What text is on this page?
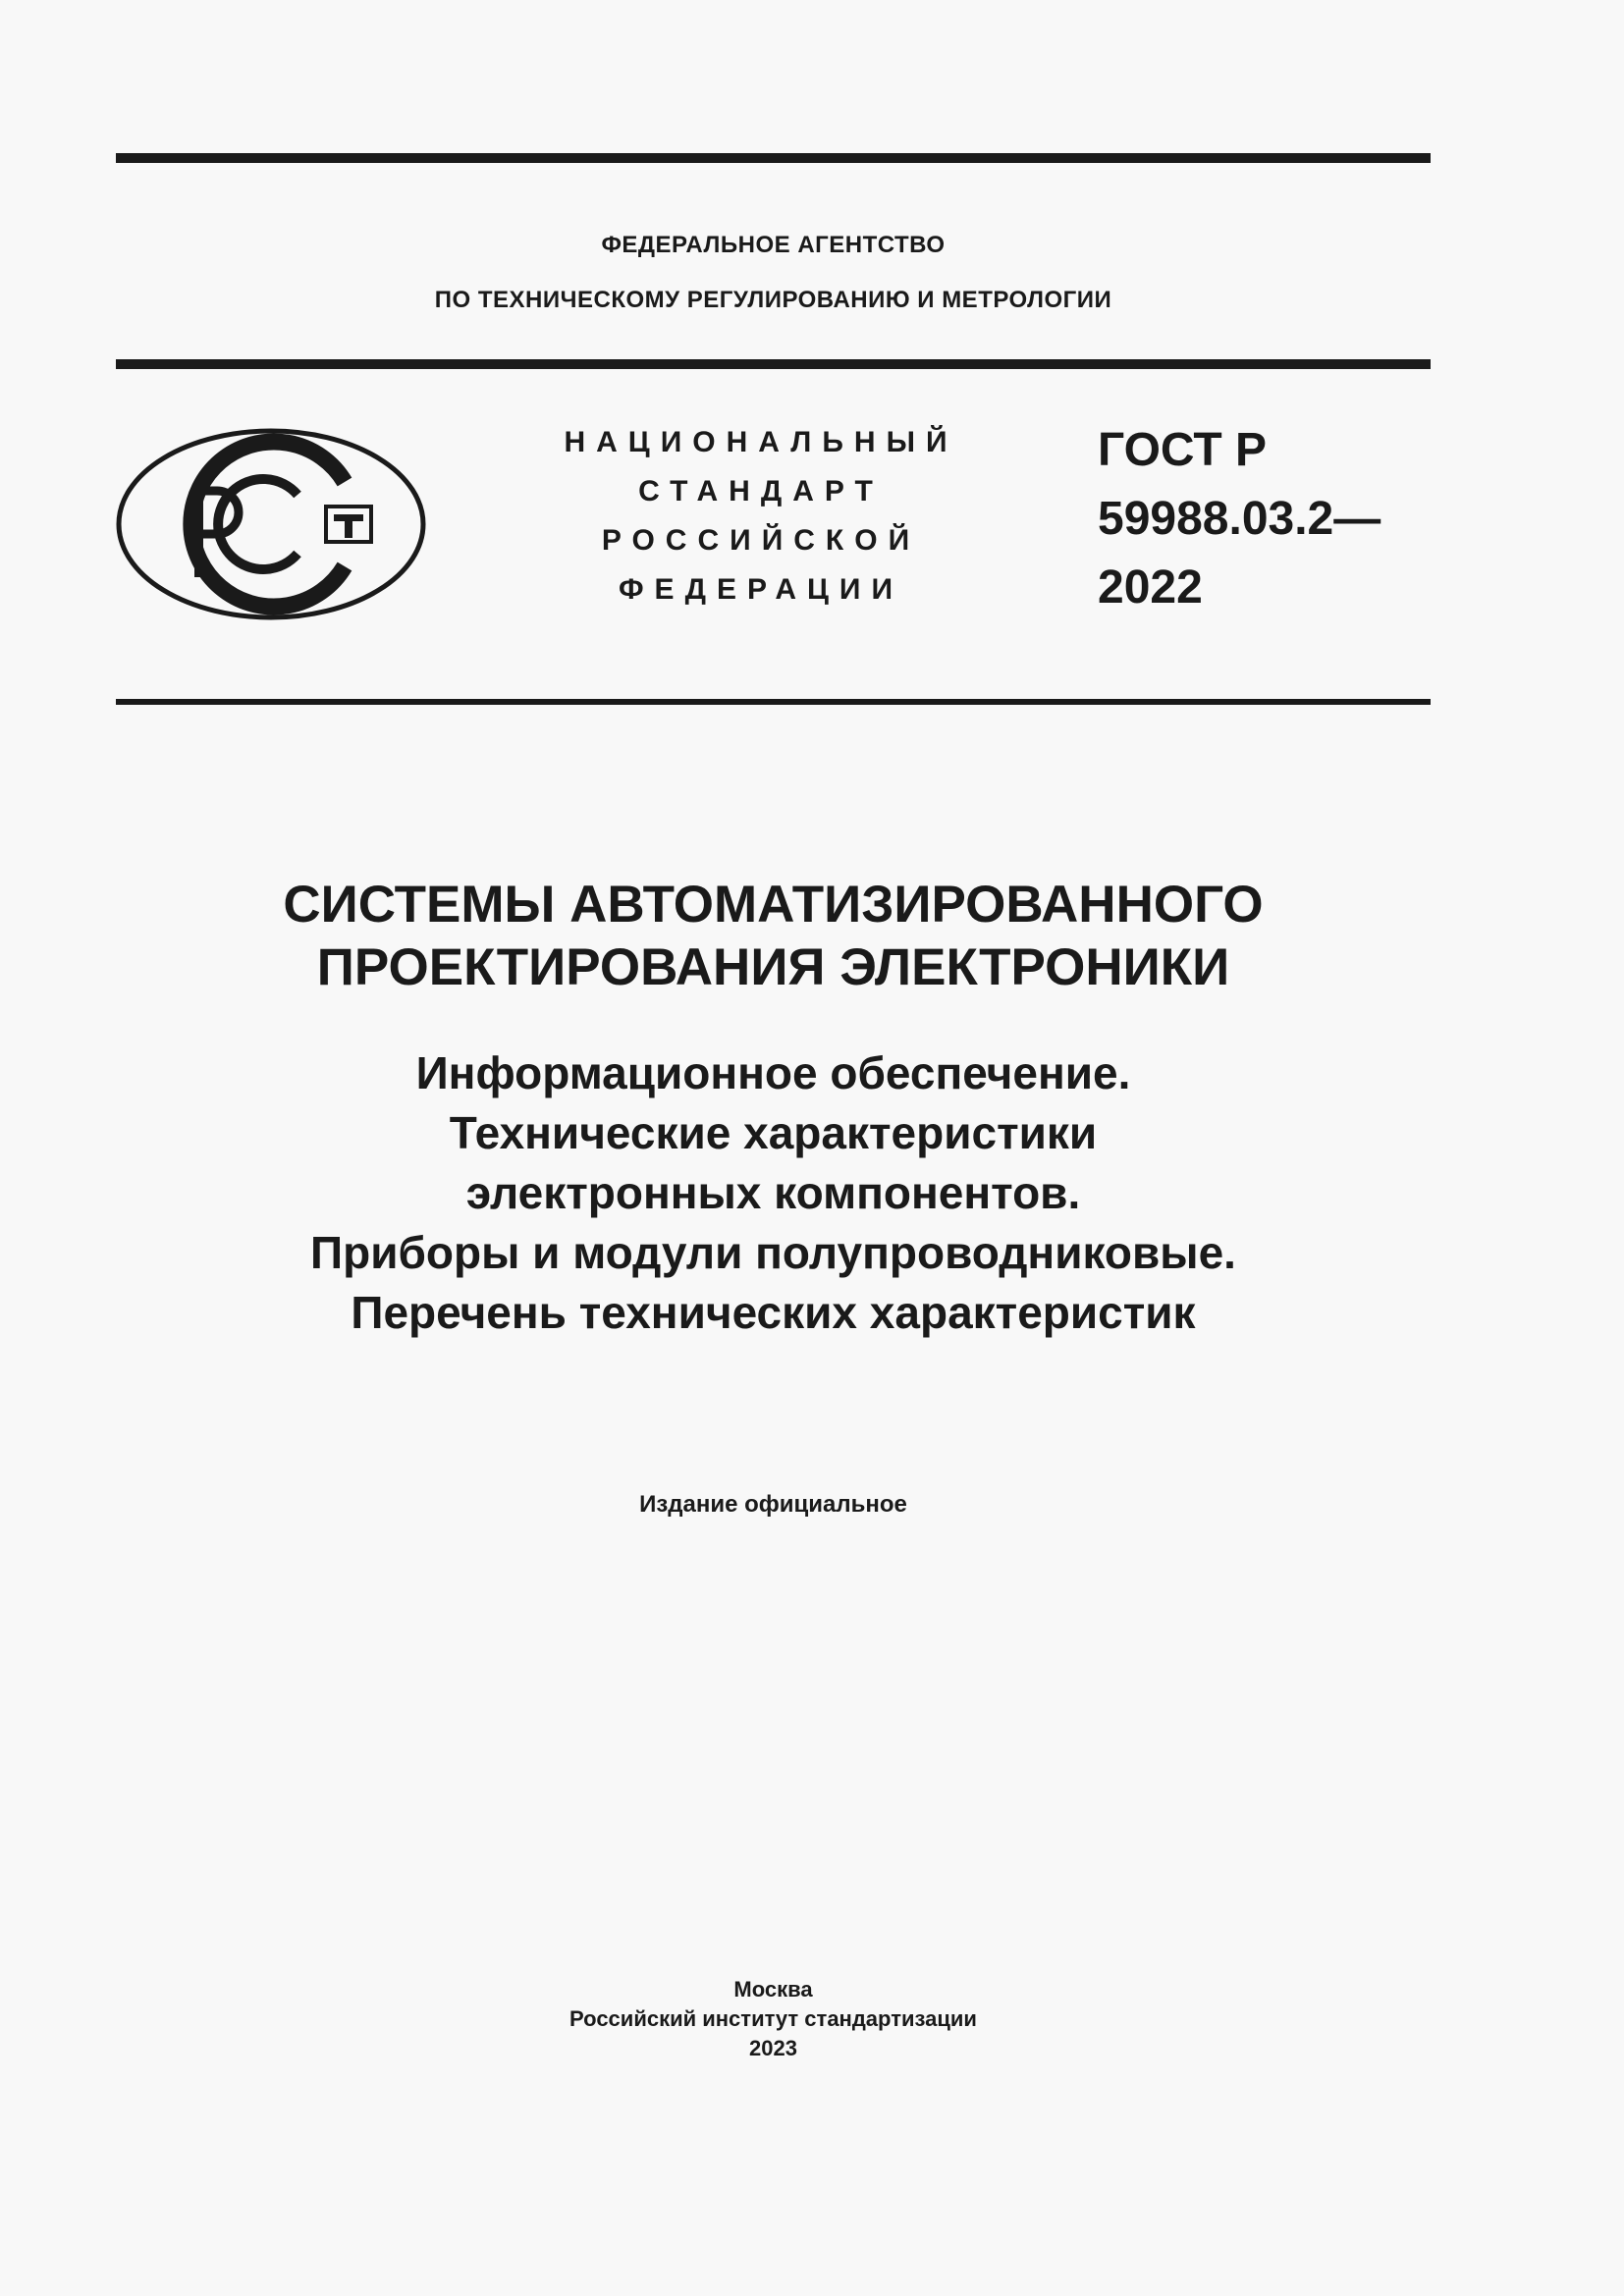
ФЕДЕРАЛЬНОЕ АГЕНТСТВО
ПО ТЕХНИЧЕСКОМУ РЕГУЛИРОВАНИЮ И МЕТРОЛОГИИ
НАЦИОНАЛЬНЫЙ
СТАНДАРТ
РОССИЙСКОЙ
ФЕДЕРАЦИИ
ГОСТ Р
59988.03.2—
2022
СИСТЕМЫ АВТОМАТИЗИРОВАННОГО
ПРОЕКТИРОВАНИЯ ЭЛЕКТРОНИКИ
Информационное обеспечение.
Технические характеристики
электронных компонентов.
Приборы и модули полупроводниковые.
Перечень технических характеристик
Издание официальное
Москва
Российский институт стандартизации
2023
